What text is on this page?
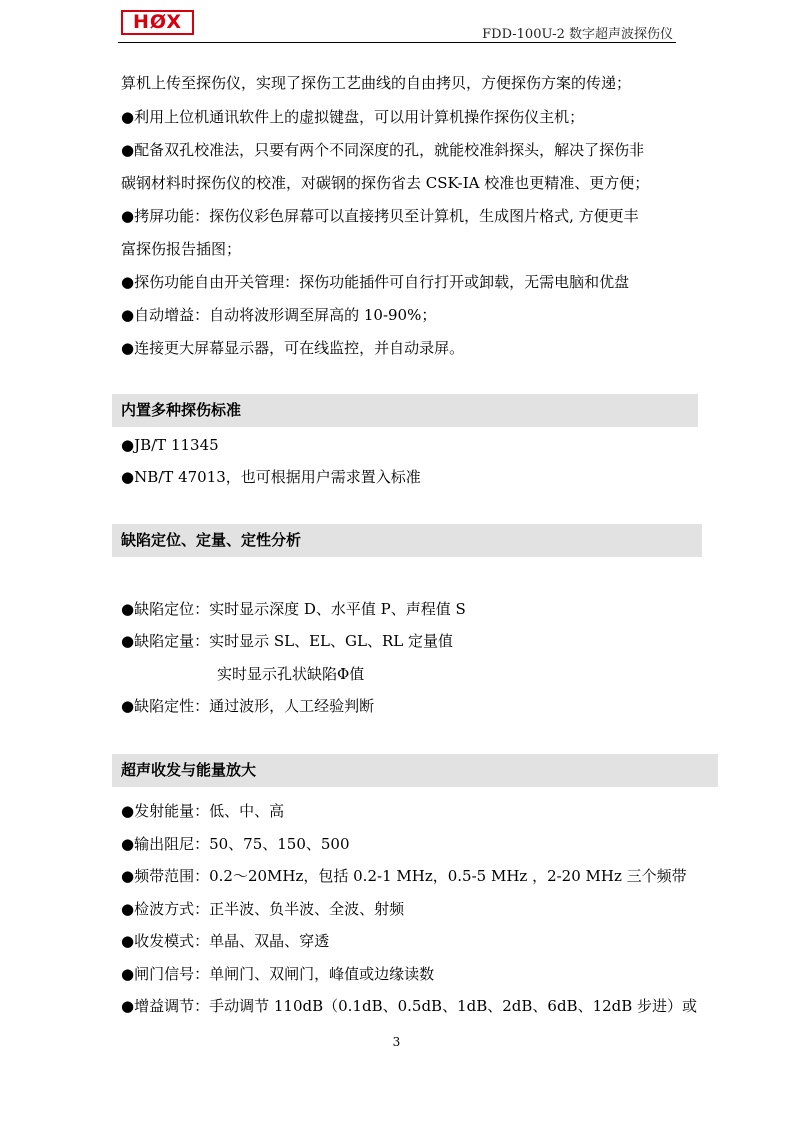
HØX
FDD-100U-2 数字超声波探伤仪
算机上传至探伤仪，实现了探伤工艺曲线的自由拷贝，方便探伤方案的传递；
●利用上位机通讯软件上的虚拟键盘，可以用计算机操作探伤仪主机；
●配备双孔校准法，只要有两个不同深度的孔，就能校准斜探头，解决了探伤非
碳钢材料时探伤仪的校准，对碳钢的探伤省去 CSK-IA 校准也更精准、更方便；
●拷屏功能：探伤仪彩色屏幕可以直接拷贝至计算机，生成图片格式, 方便更丰
富探伤报告插图；
●探伤功能自由开关管理：探伤功能插件可自行打开或卸载，无需电脑和优盘
●自动增益：自动将波形调至屏高的 10-90%；
●连接更大屏幕显示器，可在线监控，并自动录屏。
内置多种探伤标准
●JB/T 11345
●NB/T 47013，也可根据用户需求置入标准
缺陷定位、定量、定性分析
●缺陷定位：实时显示深度 D、水平值 P、声程值 S
●缺陷定量：实时显示 SL、EL、GL、RL 定量值
实时显示孔状缺陷Φ值
●缺陷定性：通过波形，人工经验判断
超声收发与能量放大
●发射能量：低、中、高
●输出阻尼：50、75、150、500
●频带范围：0.2～20MHz，包括 0.2-1 MHz，0.5-5 MHz ，2-20 MHz 三个频带
●检波方式：正半波、负半波、全波、射频
●收发模式：单晶、双晶、穿透
●闸门信号：单闸门、双闸门，峰值或边缘读数
●增益调节：手动调节 110dB（0.1dB、0.5dB、1dB、2dB、6dB、12dB 步进）或
3
